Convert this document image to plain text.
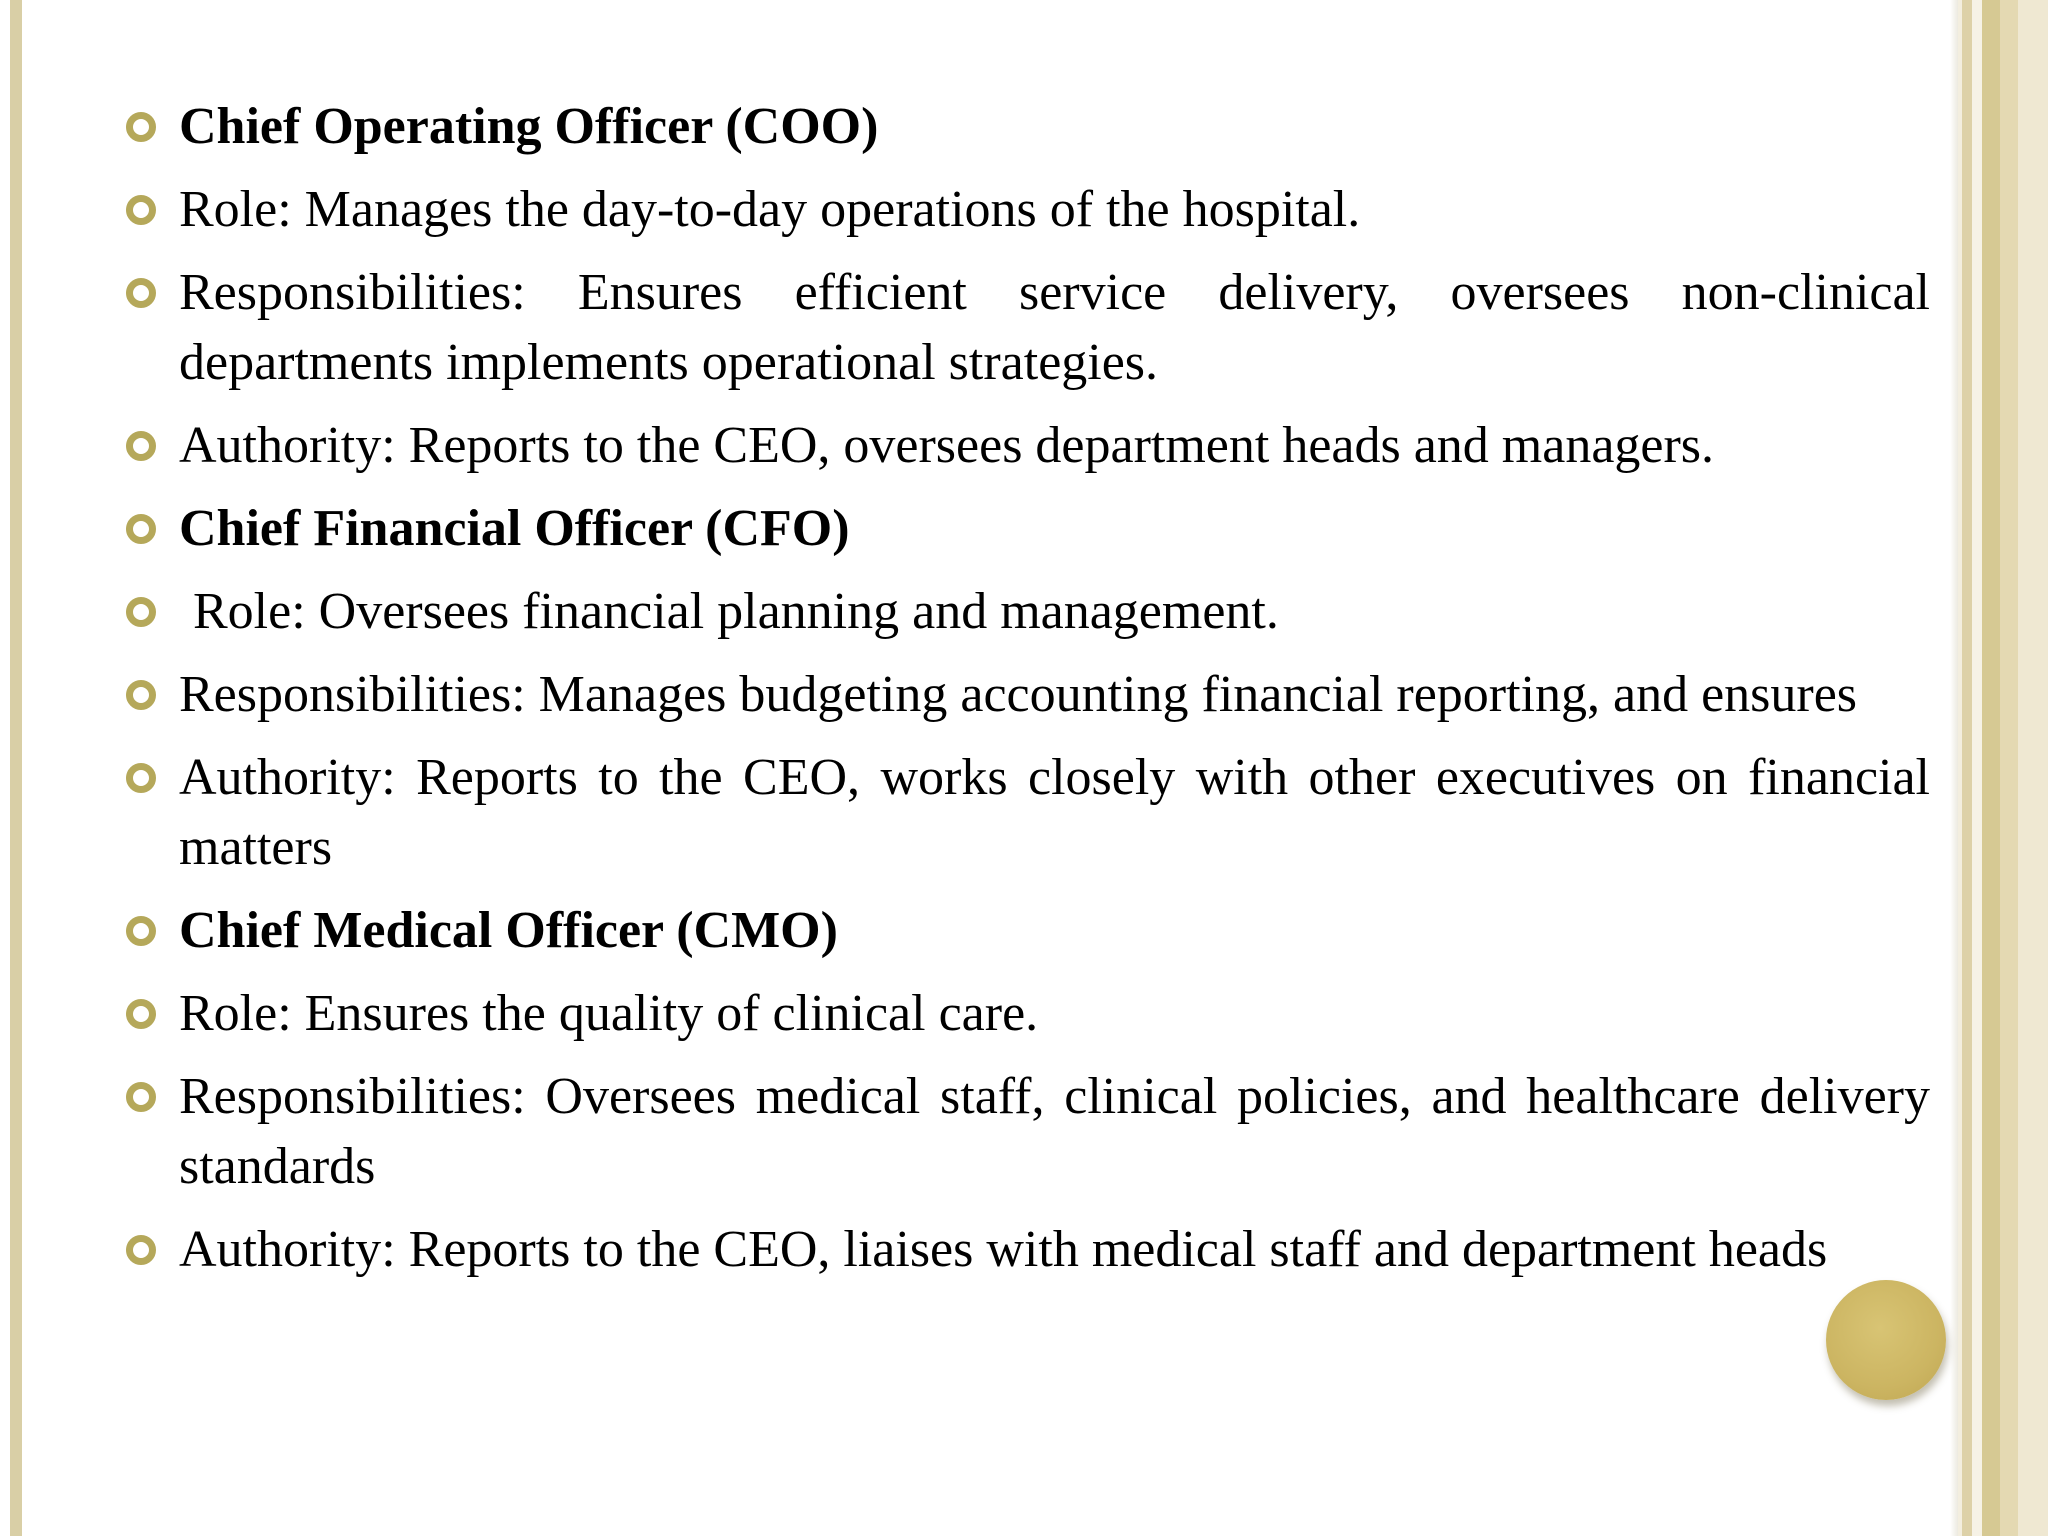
Chief Operating Officer (COO)
Role: Manages the day-to-day operations of the hospital.
Responsibilities: Ensures efficient service delivery, oversees non-clinical departments implements operational strategies.
Authority: Reports to the CEO, oversees department heads and managers.
Chief Financial Officer (CFO)
Role: Oversees financial planning and management.
Responsibilities: Manages budgeting accounting financial reporting, and ensures
Authority: Reports to the CEO, works closely with other executives on financial matters
Chief Medical Officer (CMO)
Role: Ensures the quality of clinical care.
Responsibilities: Oversees medical staff, clinical policies, and healthcare delivery standards
Authority: Reports to the CEO, liaises with medical staff and department heads
